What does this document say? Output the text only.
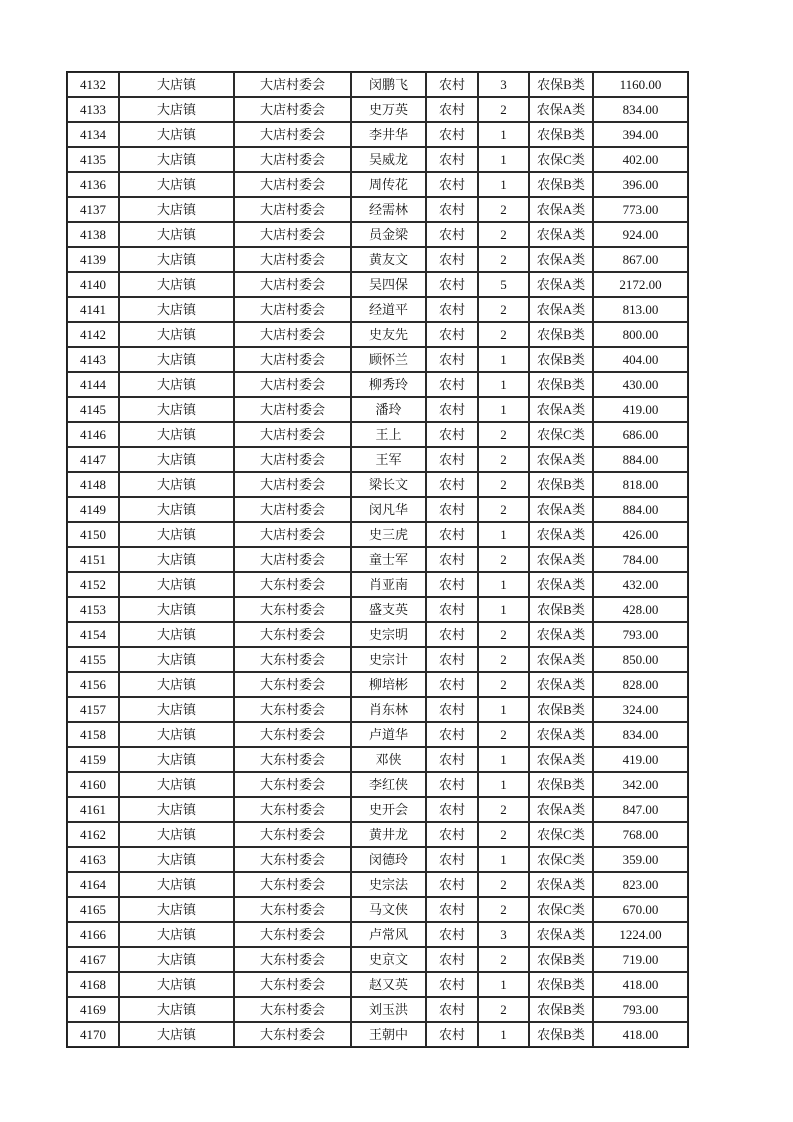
4132	大店镇	大店村委会	闵鹏飞	农村	3	农保B类	1160.00
4133	大店镇	大店村委会	史万英	农村	2	农保A类	834.00
4134	大店镇	大店村委会	李井华	农村	1	农保B类	394.00
4135	大店镇	大店村委会	吴威龙	农村	1	农保C类	402.00
4136	大店镇	大店村委会	周传花	农村	1	农保B类	396.00
4137	大店镇	大店村委会	经需林	农村	2	农保A类	773.00
4138	大店镇	大店村委会	员金梁	农村	2	农保A类	924.00
4139	大店镇	大店村委会	黄友文	农村	2	农保A类	867.00
4140	大店镇	大店村委会	吴四保	农村	5	农保A类	2172.00
4141	大店镇	大店村委会	经道平	农村	2	农保A类	813.00
4142	大店镇	大店村委会	史友先	农村	2	农保B类	800.00
4143	大店镇	大店村委会	顾怀兰	农村	1	农保B类	404.00
4144	大店镇	大店村委会	柳秀玲	农村	1	农保B类	430.00
4145	大店镇	大店村委会	潘玲	农村	1	农保A类	419.00
4146	大店镇	大店村委会	王上	农村	2	农保C类	686.00
4147	大店镇	大店村委会	王军	农村	2	农保A类	884.00
4148	大店镇	大店村委会	梁长文	农村	2	农保B类	818.00
4149	大店镇	大店村委会	闵凡华	农村	2	农保A类	884.00
4150	大店镇	大店村委会	史三虎	农村	1	农保A类	426.00
4151	大店镇	大店村委会	童士军	农村	2	农保A类	784.00
4152	大店镇	大东村委会	肖亚南	农村	1	农保A类	432.00
4153	大店镇	大东村委会	盛支英	农村	1	农保B类	428.00
4154	大店镇	大东村委会	史宗明	农村	2	农保A类	793.00
4155	大店镇	大东村委会	史宗计	农村	2	农保A类	850.00
4156	大店镇	大东村委会	柳培彬	农村	2	农保A类	828.00
4157	大店镇	大东村委会	肖东林	农村	1	农保B类	324.00
4158	大店镇	大东村委会	卢道华	农村	2	农保A类	834.00
4159	大店镇	大东村委会	邓侠	农村	1	农保A类	419.00
4160	大店镇	大东村委会	李红侠	农村	1	农保B类	342.00
4161	大店镇	大东村委会	史开会	农村	2	农保A类	847.00
4162	大店镇	大东村委会	黄井龙	农村	2	农保C类	768.00
4163	大店镇	大东村委会	闵德玲	农村	1	农保C类	359.00
4164	大店镇	大东村委会	史宗法	农村	2	农保A类	823.00
4165	大店镇	大东村委会	马文侠	农村	2	农保C类	670.00
4166	大店镇	大东村委会	卢常风	农村	3	农保A类	1224.00
4167	大店镇	大东村委会	史京文	农村	2	农保B类	719.00
4168	大店镇	大东村委会	赵又英	农村	1	农保B类	418.00
4169	大店镇	大东村委会	刘玉洪	农村	2	农保B类	793.00
4170	大店镇	大东村委会	王朝中	农村	1	农保B类	418.00
